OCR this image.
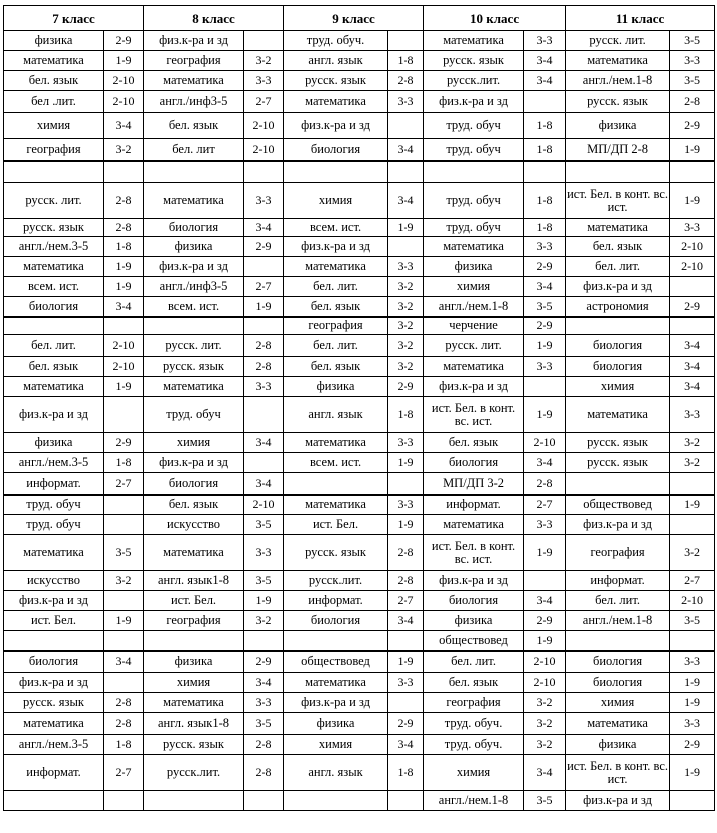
7 класс		8 класс		9 класс		10 класс		11 класс	
физика	2-9	физ.к-ра и зд		труд. обуч.		математика	3-3	русск. лит.	3-5
математика	1-9	география	3-2	англ. язык	1-8	русск. язык	3-4	математика	3-3
бел. язык	2-10	математика	3-3	русск. язык	2-8	русск.лит.	3-4	англ./нем.1-8	3-5
бел .лит.	2-10	англ./инф3-5	2-7	математика	3-3	физ.к-ра и зд		русск. язык	2-8
химия	3-4	бел. язык	2-10	физ.к-ра и зд		труд. обуч	1-8	физика	2-9
география	3-2	бел. лит	2-10	биология	3-4	труд. обуч	1-8	МП/ДП 2-8	1-9

русск. лит.	2-8	математика	3-3	химия	3-4	труд. обуч	1-8	ист. Бел. в конт. вс. ист.	1-9
русск. язык	2-8	биология	3-4	всем. ист.	1-9	труд. обуч	1-8	математика	3-3
англ./нем.3-5	1-8	физика	2-9	физ.к-ра и зд		математика	3-3	бел. язык	2-10
математика	1-9	физ.к-ра и зд		математика	3-3	физика	2-9	бел. лит.	2-10
всем. ист.	1-9	англ./инф3-5	2-7	бел. лит.	3-2	химия	3-4	физ.к-ра и зд	
биология	3-4	всем. ист.	1-9	бел. язык	3-2	англ./нем.1-8	3-5	астрономия	2-9
				география	3-2	черчение	2-9		
бел. лит.	2-10	русск. лит.	2-8	бел. лит.	3-2	русск. лит.	1-9	биология	3-4
бел. язык	2-10	русск. язык	2-8	бел. язык	3-2	математика	3-3	биология	3-4
математика	1-9	математика	3-3	физика	2-9	физ.к-ра и зд		химия	3-4
физ.к-ра и зд		труд. обуч		англ. язык	1-8	ист. Бел. в конт. вс. ист.	1-9	математика	3-3
физика	2-9	химия	3-4	математика	3-3	бел. язык	2-10	русск. язык	3-2
англ./нем.3-5	1-8	физ.к-ра и зд		всем. ист.	1-9	биология	3-4	русск. язык	3-2
информат.	2-7	биология	3-4			МП/ДП 3-2	2-8		
труд. обуч		бел. язык	2-10	математика	3-3	информат.	2-7	обществовед	1-9
труд. обуч		искусство	3-5	ист. Бел.	1-9	математика	3-3	физ.к-ра и зд	
математика	3-5	математика	3-3	русск. язык	2-8	ист. Бел. в конт. вс. ист.	1-9	география	3-2
искусство	3-2	англ. язык1-8	3-5	русск.лит.	2-8	физ.к-ра и зд		информат.	2-7
физ.к-ра и зд		ист. Бел.	1-9	информат.	2-7	биология	3-4	бел. лит.	2-10
ист. Бел.	1-9	география	3-2	биология	3-4	физика	2-9	англ./нем.1-8	3-5
						обществовед	1-9		
биология	3-4	физика	2-9	обществовед	1-9	бел. лит.	2-10	биология	3-3
физ.к-ра и зд		химия	3-4	математика	3-3	бел. язык	2-10	биология	1-9
русск. язык	2-8	математика	3-3	физ.к-ра и зд		география	3-2	химия	1-9
математика	2-8	англ. язык1-8	3-5	физика	2-9	труд. обуч.	3-2	математика	3-3
англ./нем.3-5	1-8	русск. язык	2-8	химия	3-4	труд. обуч.	3-2	физика	2-9
информат.	2-7	русск.лит.	2-8	англ. язык	1-8	химия	3-4	ист. Бел. в конт. вс. ист.	1-9
						англ./нем.1-8	3-5	физ.к-ра и зд	
